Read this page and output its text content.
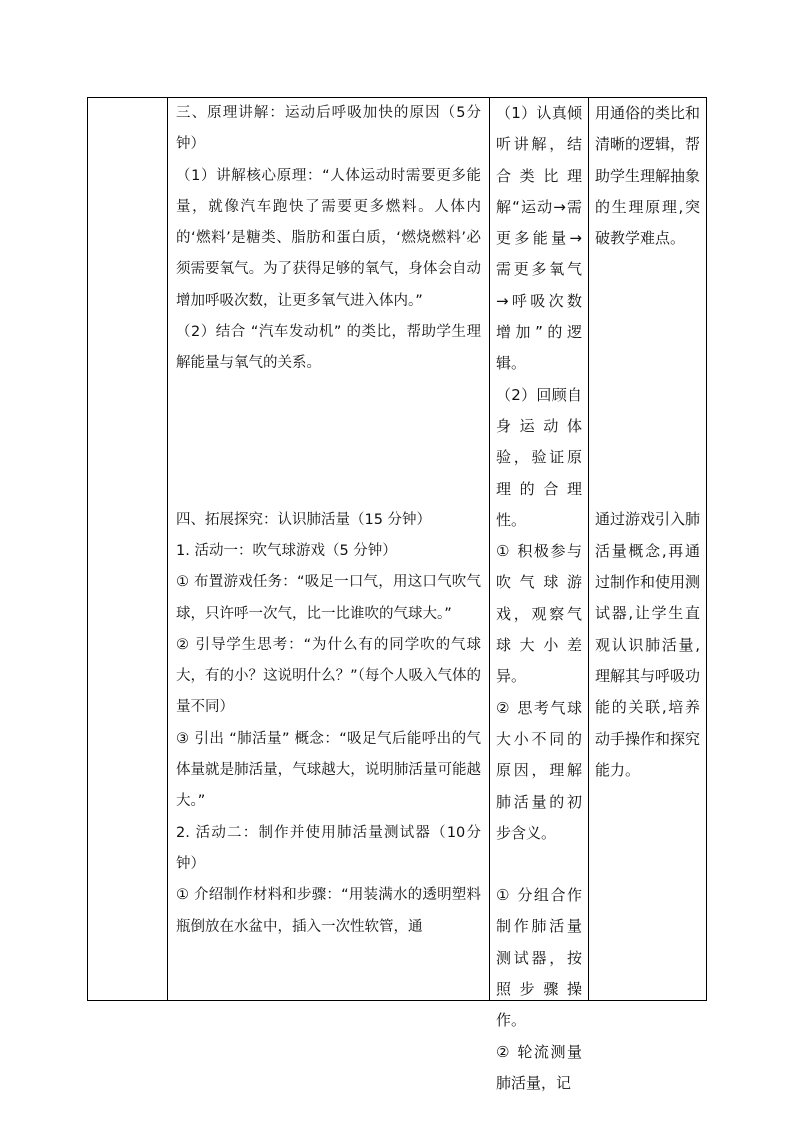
三、原理讲解：运动后呼吸加快的原因（5分钟）

（1）讲解核心原理：“人体运动时需要更多能量，就像汽车跑快了需要更多燃料。人体内的‘燃料’是糖类、脂肪和蛋白质，‘燃烧燃料’必须需要氧气。为了获得足够的氧气，身体会自动增加呼吸次数，让更多氧气进入体内。”

（2）结合 “汽车发动机” 的类比，帮助学生理解能量与氧气的关系。

四、拓展探究：认识肺活量（15 分钟）

1. 活动一：吹气球游戏（5 分钟）

① 布置游戏任务：“吸足一口气，用这口气吹气球，只许呼一次气，比一比谁吹的气球大。”

② 引导学生思考：“为什么有的同学吹的气球大，有的小？这说明什么？”（每个人吸入气体的量不同）

③ 引出 “肺活量” 概念：“吸足气后能呼出的气体量就是肺活量，气球越大，说明肺活量可能越大。”

2. 活动二：制作并使用肺活量测试器（10分钟）

① 介绍制作材料和步骤：“用装满水的透明塑料瓶倒放在水盆中，插入一次性软管，通

（1）认真倾听讲解，结合类比理解“运动→需更多能量→需更多氧气→呼吸次数增加”的逻辑。

（2）回顾自身运动体验，验证原理的合理性。

① 积极参与吹气球游戏，观察气球大小差异。

② 思考气球大小不同的原因，理解肺活量的初步含义。

① 分组合作制作肺活量测试器，按照步骤操作。

② 轮流测量肺活量，记

用通俗的类比和清晰的逻辑，帮助学生理解抽象的生理原理,突破教学难点。

通过游戏引入肺活量概念,再通过制作和使用测试器,让学生直观认识肺活量,理解其与呼吸功能的关联,培养动手操作和探究能力。
